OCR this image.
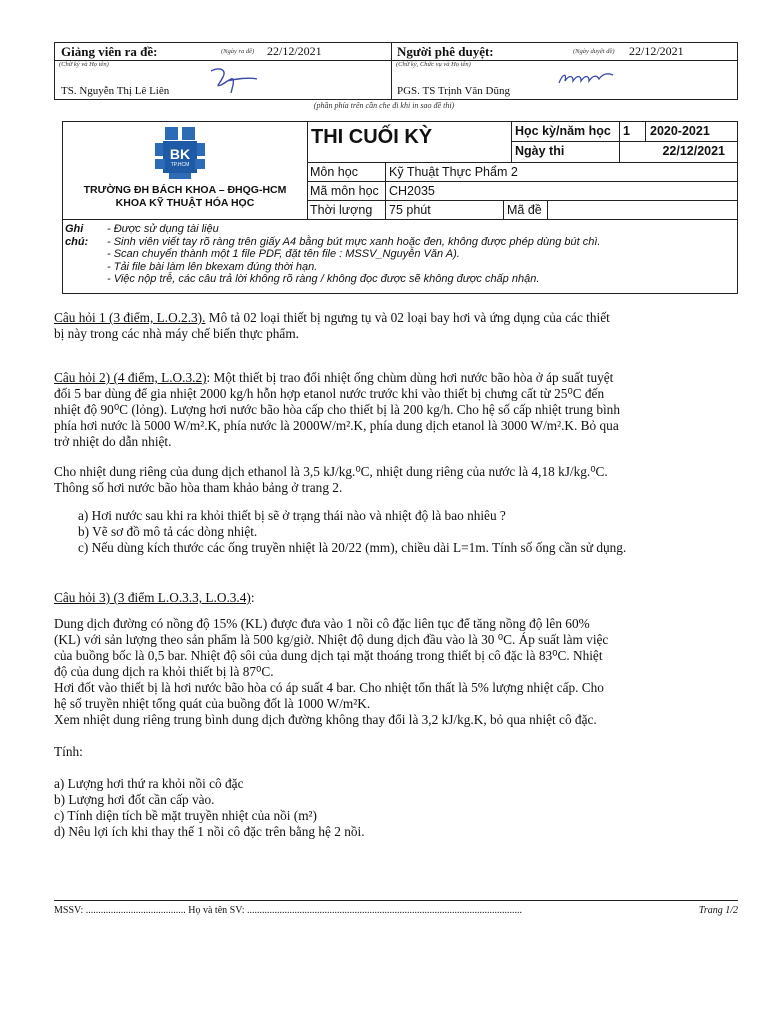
Giảng viên ra đề:	(Ngày ra đề) 22/12/2021
(Chữ ký và Họ tên)
TS. Nguyễn Thị Lê Liên
Người phê duyệt:	(Ngày duyệt đề) 22/12/2021
(Chữ ký, Chức vụ và Họ tên)
PGS. TS Trịnh Văn Dũng
(phần phía trên cần che đi khi in sao đề thi)
BK
TP.HCM
TRƯỜNG ĐH BÁCH KHOA – ĐHQG-HCM
KHOA KỸ THUẬT HÓA HỌC
THI CUỐI KỲ	Học kỳ/năm học 1	2020-2021
Ngày thi	22/12/2021
Môn học	Kỹ Thuật Thực Phẩm 2
Mã môn học CH2035
Thời lượng	75 phút	Mã đề
Ghi
chú:
- Được sử dụng tài liệu
- Sinh viên viết tay rõ ràng trên giấy A4 bằng bút mực xanh hoặc đen, không được phép dùng bút chì.
- Scan chuyển thành một 1 file PDF, đặt tên file : MSSV_Nguyễn Văn A).
- Tải file bài làm lên bkexam đúng thời hạn.
- Việc nộp trễ, các câu trả lời không rõ ràng / không đọc được sẽ không được chấp nhận.
Câu hỏi 1 (3 điểm, L.O.2.3). Mô tả 02 loại thiết bị ngưng tụ và 02 loại bay hơi và ứng dụng của các thiết
bị này trong các nhà máy chế biến thực phẩm.
Câu hỏi 2) (4 điểm, L.O.3.2): Một thiết bị trao đổi nhiệt ống chùm dùng hơi nước bão hòa ở áp suất tuyệt
đối 5 bar dùng để gia nhiệt 2000 kg/h hỗn hợp etanol nước trước khi vào thiết bị chưng cất từ 25⁰C đến
nhiệt độ 90⁰C (lỏng). Lượng hơi nước bão hòa cấp cho thiết bị là 200 kg/h. Cho hệ số cấp nhiệt trung bình
phía hơi nước là 5000 W/m².K, phía nước là 2000W/m².K, phía dung dịch etanol là 3000 W/m².K. Bỏ qua
trở nhiệt do dẫn nhiệt.
Cho nhiệt dung riêng của dung dịch ethanol là 3,5 kJ/kg.⁰C, nhiệt dung riêng của nước là 4,18 kJ/kg.⁰C.
Thông số hơi nước bão hòa tham khảo bảng ở trang 2.
a) Hơi nước sau khi ra khỏi thiết bị sẽ ở trạng thái nào và nhiệt độ là bao nhiêu ?
b) Vẽ sơ đồ mô tả các dòng nhiệt.
c) Nếu dùng kích thước các ống truyền nhiệt là 20/22 (mm), chiều dài L=1m. Tính số ống cần sử dụng.
Câu hỏi 3) (3 điểm L.O.3.3, L.O.3.4):
Dung dịch đường có nồng độ 15% (KL) được đưa vào 1 nồi cô đặc liên tục để tăng nồng độ lên 60%
(KL) với sản lượng theo sản phẩm là 500 kg/giờ. Nhiệt độ dung dịch đầu vào là 30 ⁰C. Áp suất làm việc
của buồng bốc là 0,5 bar. Nhiệt độ sôi của dung dịch tại mặt thoáng trong thiết bị cô đặc là 83⁰C. Nhiệt
độ của dung dịch ra khỏi thiết bị là 87⁰C.
Hơi đốt vào thiết bị là hơi nước bão hòa có áp suất 4 bar. Cho nhiệt tổn thất là 5% lượng nhiệt cấp. Cho
hệ số truyền nhiệt tổng quát của buồng đốt là 1000 W/m²K.
Xem nhiệt dung riêng trung bình dung dịch đường không thay đổi là 3,2 kJ/kg.K, bỏ qua nhiệt cô đặc.
Tính:
a) Lượng hơi thứ ra khỏi nồi cô đặc
b) Lượng hơi đốt cần cấp vào.
c) Tính diện tích bề mặt truyền nhiệt của nồi (m²)
d) Nêu lợi ích khi thay thế 1 nồi cô đặc trên bằng hệ 2 nồi.
MSSV: ........................................ Họ và tên SV: ..............................................................................................................	Trang 1/2
